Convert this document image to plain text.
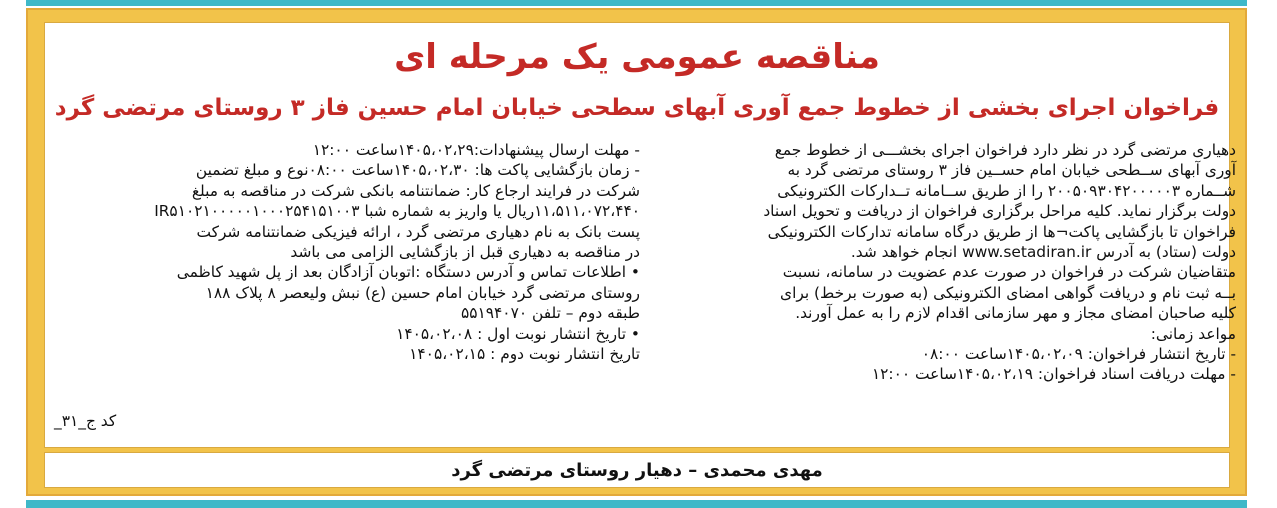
مناقصه عمومی یک مرحله ای
فراخوان اجرای بخشی از خطوط جمع آوری آبهای سطحی خیابان امام حسین فاز ۳ روستای مرتضی گرد
دهیاری مرتضی گرد در نظر دارد فراخوان اجرای بخشـــی از خطوط جمع
آوری آبهای ســطحی خیابان امام حســین فاز ۳ روستای مرتضی گرد به
شــماره ۲۰۰۵۰۹۳۰۴۲۰۰۰۰۰۳ را از طریق ســامانه تــدارکات الکترونیکی
دولت برگزار نماید. کلیه مراحل برگزاری فراخوان از دریافت و تحویل اسناد
فراخوان تا بازگشایی پاکت¬ها از طریق درگاه سامانه تدارکات الکترونیکی
دولت (ستاد) به آدرس www.setadiran.ir انجام خواهد شد.
متقاضیان شرکت در فراخوان در صورت عدم عضویت در سامانه، نسبت
بــه ثبت نام و دریافت گواهی امضای الکترونیکی (به صورت برخط) برای
کلیه صاحبان امضای مجاز و مهر سازمانی اقدام لازم را به عمل آورند.
مواعد زمانی:
- تاریخ انتشار فراخوان: ۱۴۰۵،۰۲،۰۹ساعت ۰۸:۰۰
- مهلت دریافت اسناد فراخوان: ۱۴۰۵،۰۲،۱۹ساعت ۱۲:۰۰
- مهلت ارسال پیشنهادات:۱۴۰۵،۰۲،۲۹ساعت ۱۲:۰۰
- زمان بازگشایی پاکت ها: ۱۴۰۵،۰۲،۳۰ساعت ۰۸:۰۰نوع و مبلغ تضمین
شرکت در فرایند ارجاع کار: ضمانتنامه بانکی شرکت در مناقصه به مبلغ
۱۱،۵۱۱،۰۷۲،۴۴۰ریال یا واریز به شماره شبا IR۵۱۰۲۱۰۰۰۰۰۱۰۰۰۲۵۴۱۵۱۰۰۳
پست بانک به نام دهیاری مرتضی گرد ، ارائه فیزیکی ضمانتنامه شرکت
در مناقصه به دهیاری قبل از بازگشایی الزامی می باشد
• اطلاعات تماس و آدرس دستگاه :اتوبان آزادگان بعد از پل شهید کاظمی
روستای مرتضی گرد خیابان امام حسین (ع) نبش ولیعصر ۸ پلاک ۱۸۸
طبقه دوم – تلفن ۵۵۱۹۴۰۷۰
• تاریخ انتشار نوبت اول : ۱۴۰۵،۰۲،۰۸
تاریخ انتشار نوبت دوم : ۱۴۰۵،۰۲،۱۵
کد ج_۳۱_
مهدی محمدی – دهیار روستای مرتضی گرد
